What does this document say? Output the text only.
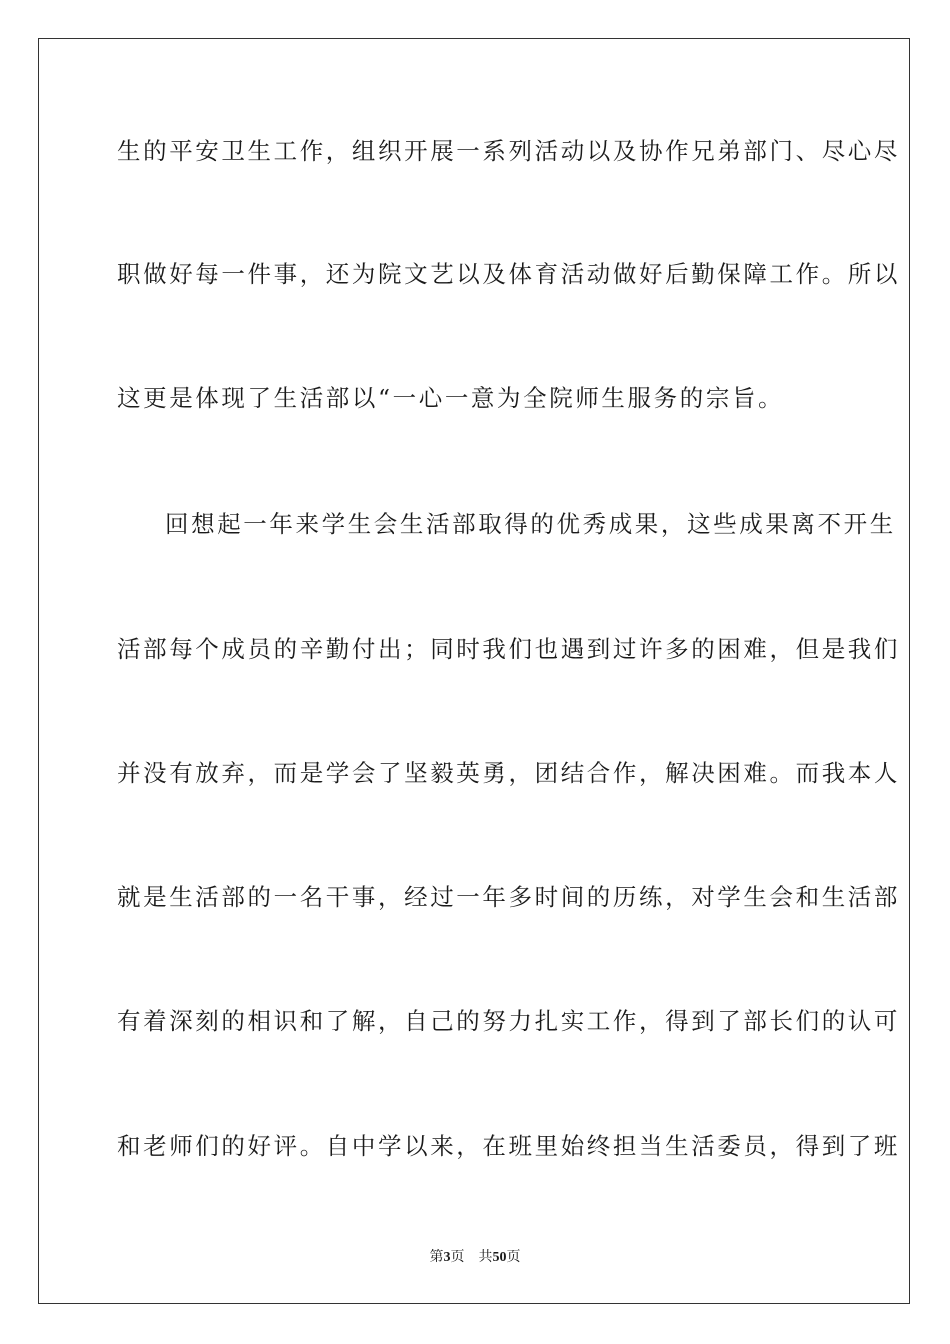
生的平安卫生工作，组织开展一系列活动以及协作兄弟部门、尽心尽
职做好每一件事，还为院文艺以及体育活动做好后勤保障工作。所以
这更是体现了生活部以“一心一意为全院师生服务的宗旨。
回想起一年来学生会生活部取得的优秀成果，这些成果离不开生
活部每个成员的辛勤付出；同时我们也遇到过许多的困难，但是我们
并没有放弃，而是学会了坚毅英勇，团结合作，解决困难。而我本人
就是生活部的一名干事，经过一年多时间的历练，对学生会和生活部
有着深刻的相识和了解，自己的努力扎实工作，得到了部长们的认可
和老师们的好评。自中学以来，在班里始终担当生活委员，得到了班
第3页 共50页
